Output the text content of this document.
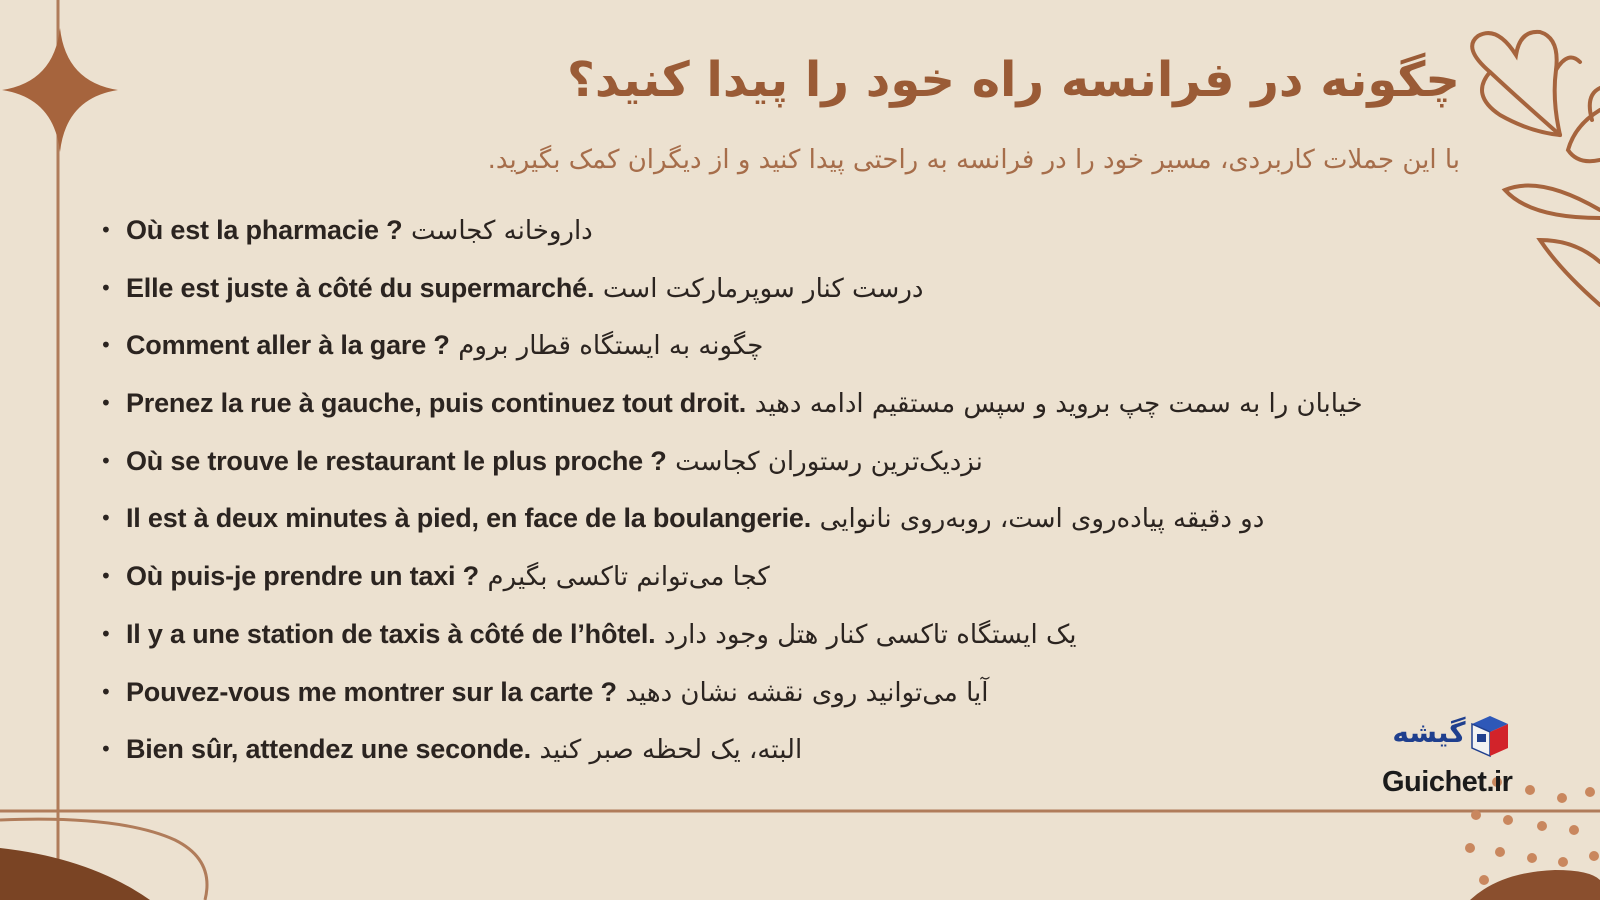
چگونه در فرانسه راه خود را پیدا کنید؟

با این جملات کاربردی، مسیر خود را در فرانسه به راحتی پیدا کنید و از دیگران کمک بگیرید.

• Où est la pharmacie ? داروخانه کجاست
• Elle est juste à côté du supermarché. درست کنار سوپرمارکت است
• Comment aller à la gare ? چگونه به ایستگاه قطار بروم
• Prenez la rue à gauche, puis continuez tout droit. خیابان را به سمت چپ بروید و سپس مستقیم ادامه دهید
• Où se trouve le restaurant le plus proche ? نزدیک‌ترین رستوران کجاست
• Il est à deux minutes à pied, en face de la boulangerie. دو دقیقه پیاده‌روی است، روبه‌روی نانوایی
• Où puis-je prendre un taxi ? کجا می‌توانم تاکسی بگیرم
• Il y a une station de taxis à côté de l’hôtel. یک ایستگاه تاکسی کنار هتل وجود دارد
• Pouvez-vous me montrer sur la carte ? آیا می‌توانید روی نقشه نشان دهید
• Bien sûr, attendez une seconde. البته، یک لحظه صبر کنید
گیشه
Guichet.ir
